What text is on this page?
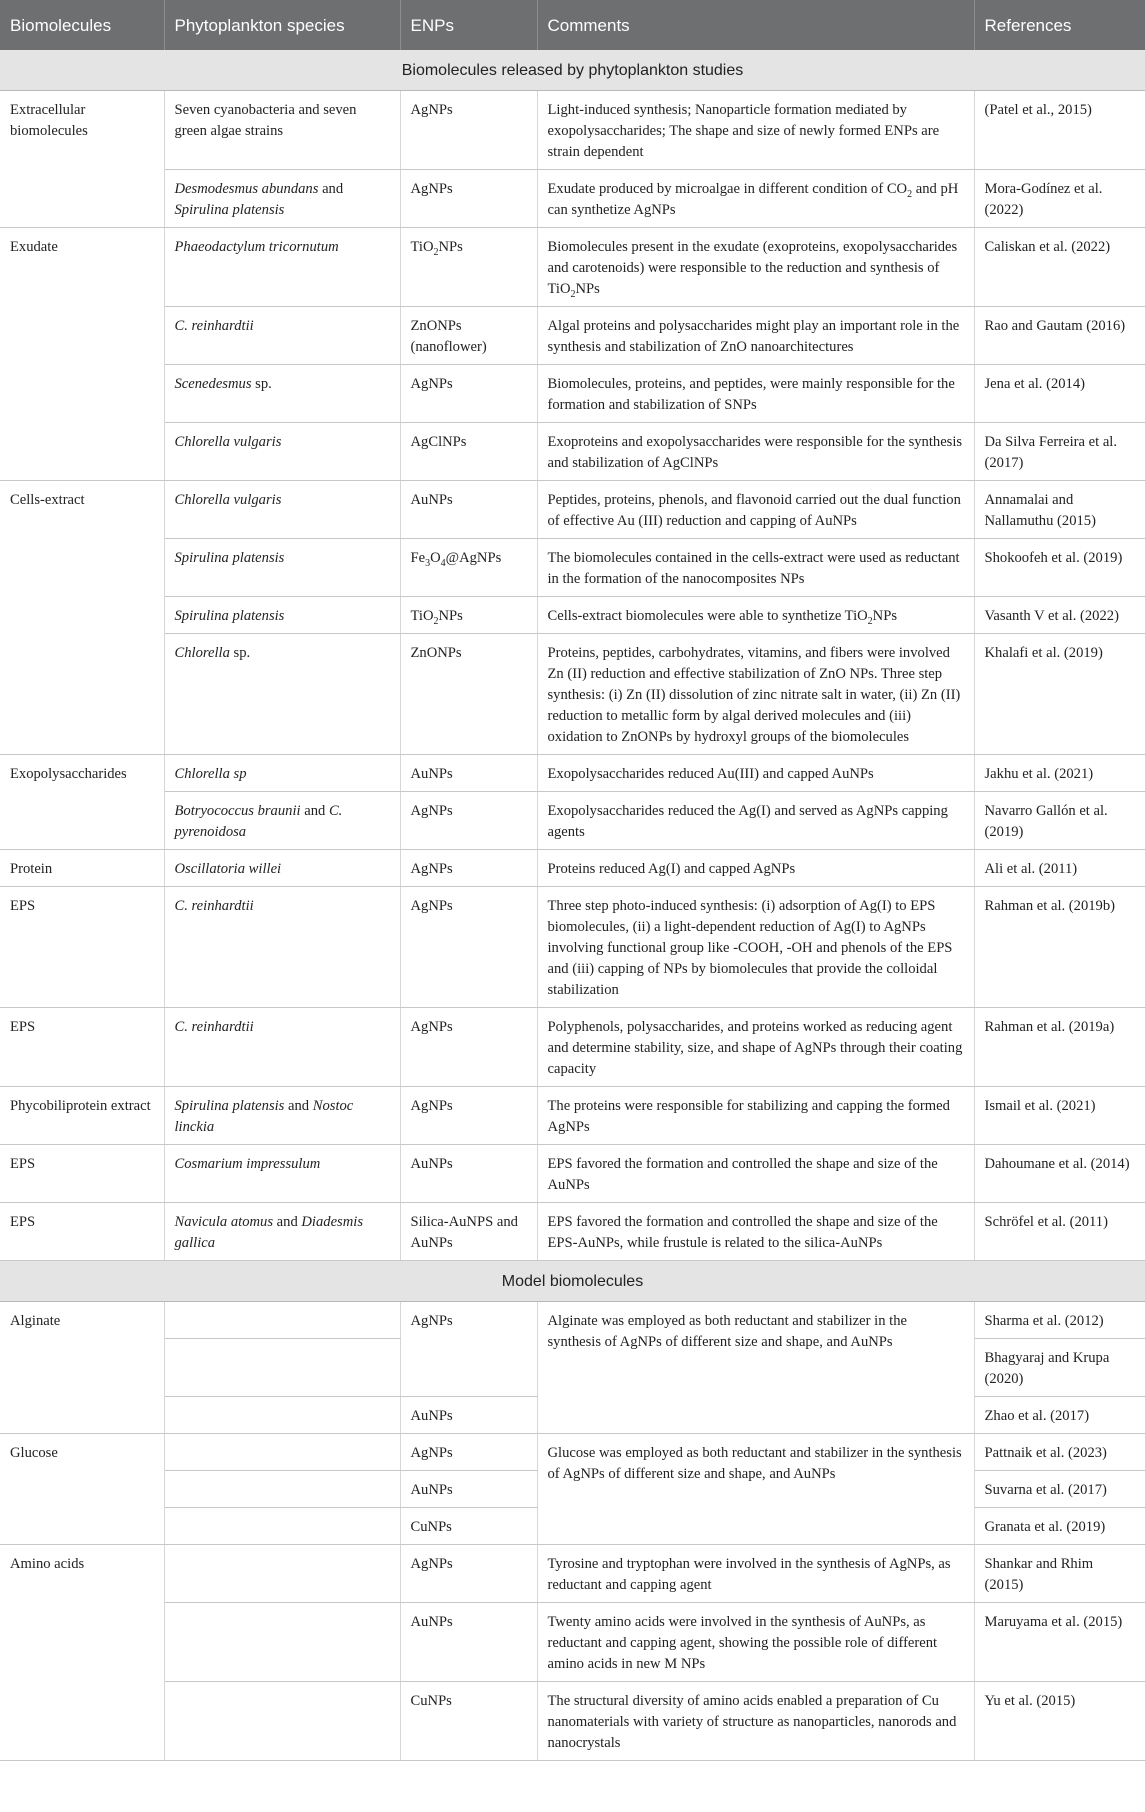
Biomolecules	Phytoplankton species	ENPs	Comments	References
Biomolecules released by phytoplankton studies				
Extracellular biomolecules	Seven cyanobacteria and seven green algae strains	AgNPs	Light-induced synthesis; Nanoparticle formation mediated by exopolysaccharides; The shape and size of newly formed ENPs are strain dependent	(Patel et al., 2015)
	Desmodesmus abundans and Spirulina platensis	AgNPs	Exudate produced by microalgae in different condition of $CO_2$ and pH can synthetize AgNPs	Mora-Godínez et al. (2022)
Exudate	Phaeodactylum tricornutum	TiO$_2$NPs	Biomolecules present in the exudate (exoproteins, exopolysaccharides and carotenoids) were responsible to the reduction and synthesis of TiO$_2$NPs	Caliskan et al. (2022)
	C. reinhardtii	ZnONPs (nanoflower)	Algal proteins and polysaccharides might play an important role in the synthesis and stabilization of ZnO nanoarchitectures	Rao and Gautam (2016)
	Scenedesmus sp.	AgNPs	Biomolecules, proteins, and peptides, were mainly responsible for the formation and stabilization of SNPs	Jena et al. (2014)
	Chlorella vulgaris	AgClNPs	Exoproteins and exopolysaccharides were responsible for the synthesis and stabilization of AgClNPs	Da Silva Ferreira et al. (2017)
Cells-extract	Chlorella vulgaris	AuNPs	Peptides, proteins, phenols, and flavonoid carried out the dual function of effective Au (III) reduction and capping of AuNPs	Annamalai and Nallamuthu (2015)
	Spirulina platensis	$Fe_3O_4@AgNPs$	The biomolecules contained in the cells-extract were used as reductant in the formation of the nanocomposites NPs	Shokoofeh et al. (2019)
	Spirulina platensis	TiO$_2$NPs	Cells-extract biomolecules were able to synthetize TiO$_2$NPs	Vasanth V et al. (2022)
	Chlorella sp.	ZnONPs	Proteins, peptides, carbohydrates, vitamins, and fibers were involved Zn (II) reduction and effective stabilization of ZnO NPs. Three step synthesis: (i) Zn (II) dissolution of zinc nitrate salt in water, (ii) Zn (II) reduction to metallic form by algal derived molecules and (iii) oxidation to ZnONPs by hydroxyl groups of the biomolecules	Khalafi et al. (2019)
Exopolysaccharides	Chlorella sp	AuNPs	Exopolysaccharides reduced Au(III) and capped AuNPs	Jakhu et al. (2021)
	Botryococcus braunii and C. pyrenoidosa	AgNPs	Exopolysaccharides reduced the Ag(I) and served as AgNPs capping agents	Navarro Gallón et al. (2019)
Protein	Oscillatoria willei	AgNPs	Proteins reduced Ag(I) and capped AgNPs	Ali et al. (2011)
EPS	C. reinhardtii	AgNPs	Three step photo-induced synthesis: (i) adsorption of Ag(I) to EPS biomolecules, (ii) a light-dependent reduction of Ag(I) to AgNPs involving functional group like -COOH, -OH and phenols of the EPS and (iii) capping of NPs by biomolecules that provide the colloidal stabilization	Rahman et al. (2019b)
EPS	C. reinhardtii	AgNPs	Polyphenols, polysaccharides, and proteins worked as reducing agent and determine stability, size, and shape of AgNPs through their coating capacity	Rahman et al. (2019a)
Phycobiliprotein extract	Spirulina platensis and Nostoc linckia	AgNPs	The proteins were responsible for stabilizing and capping the formed AgNPs	Ismail et al. (2021)
EPS	Cosmarium impressulum	AuNPs	EPS favored the formation and controlled the shape and size of the AuNPs	Dahoumane et al. (2014)
EPS	Navicula atomus and Diadesmis gallica	Silica-AuNPS and AuNPs	EPS favored the formation and controlled the shape and size of the EPS-AuNPs, while frustule is related to the silica-AuNPs	Schröfel et al. (2011)
Model biomolecules				
Alginate		AgNPs	Alginate was employed as both reductant and stabilizer in the synthesis of AgNPs of different size and shape, and AuNPs	Sharma et al. (2012)
				Bhagyaraj and Krupa (2020)
		AuNPs		Zhao et al. (2017)
Glucose		AgNPs	Glucose was employed as both reductant and stabilizer in the synthesis of AgNPs of different size and shape, and AuNPs	Pattnaik et al. (2023)
		AuNPs		Suvarna et al. (2017)
		CuNPs		Granata et al. (2019)
Amino acids		AgNPs	Tyrosine and tryptophan were involved in the synthesis of AgNPs, as reductant and capping agent	Shankar and Rhim (2015)
		AuNPs	Twenty amino acids were involved in the synthesis of AuNPs, as reductant and capping agent, showing the possible role of different amino acids in new M NPs	Maruyama et al. (2015)
		CuNPs	The structural diversity of amino acids enabled a preparation of Cu nanomaterials with variety of structure as nanoparticles, nanorods and nanocrystals	Yu et al. (2015)
